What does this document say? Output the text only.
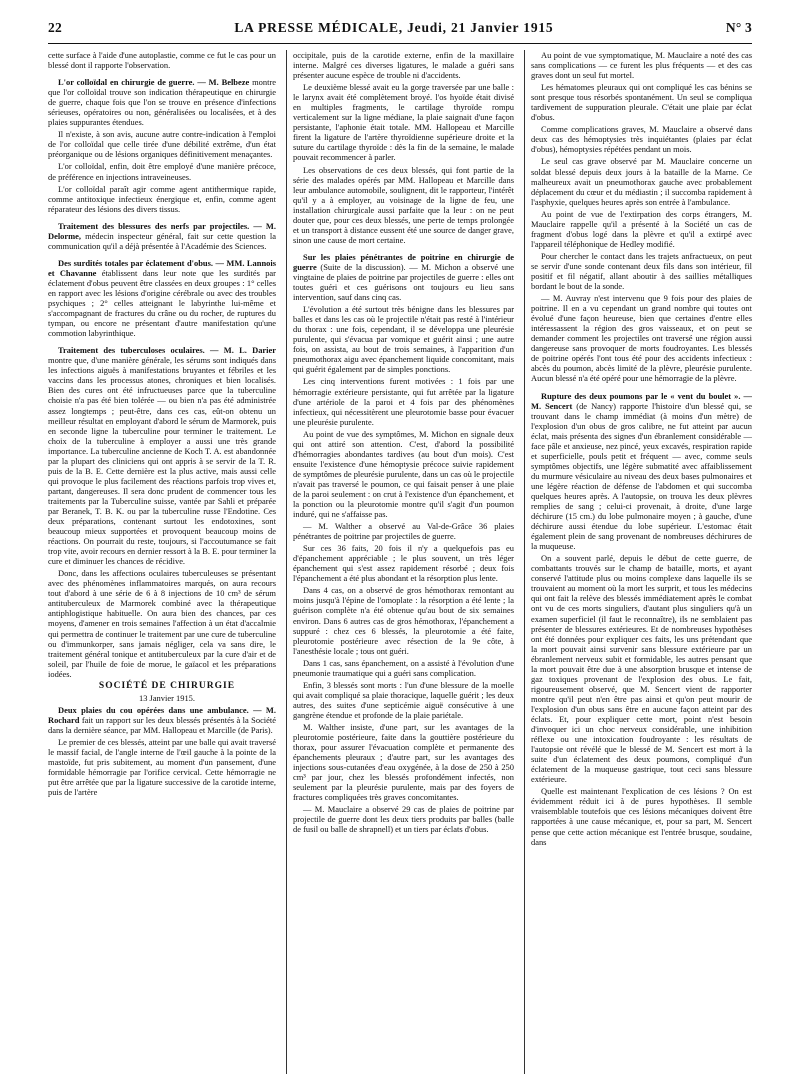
22	LA PRESSE MÉDICALE, Jeudi, 21 Janvier 1915	N° 3

cette surface à l'aide d'une autoplastie, comme ce fut le cas pour un blessé dont il rapporte l'observation.

L'or colloïdal en chirurgie de guerre. — M. Belbeze montre que l'or colloïdal trouve son indication thérapeutique en chirurgie de guerre, chaque fois que l'on se trouve en présence d'infections sérieuses, opératoires ou non, généralisées ou localisées, et à des plaies suppurantes étendues.

Il n'existe, à son avis, aucune autre contre-indication à l'emploi de l'or colloïdal que celle tirée d'une débilité extrême, d'un état préorganique ou de lésions organiques définitivement menaçantes.

L'or colloïdal, enfin, doit être employé d'une manière précoce, de préférence en injections intraveineuses.

L'or colloïdal paraît agir comme agent antithermique rapide, comme antitoxique infectieux énergique et, enfin, comme agent réparateur des lésions des divers tissus.

Traitement des blessures des nerfs par projectiles. — M. Delorme, médecin inspecteur général, fait sur cette question la communication qu'il a déjà présentée à l'Académie des Sciences.

Des surdités totales par éclatement d'obus. — MM. Lannois et Chavanne établissent dans leur note que les surdités par éclatement d'obus peuvent être classées en deux groupes : 1° celles en rapport avec les lésions d'origine cérébrale ou avec des troubles psychiques ; 2° celles atteignant le labyrinthe lui-même et s'accompagnant de fractures du crâne ou du rocher, de ruptures du tympan, ou encore ne présentant d'autre manifestation qu'une commotion labyrinthique.

Traitement des tuberculoses oculaires. — M. L. Darier montre que, d'une manière générale, les sérums sont indiqués dans les infections aiguës à manifestations bruyantes et fébriles et les vaccins dans les processus atones, chroniques et bien localisés. Bien des cures ont été infructueuses parce que la tuberculine choisie n'a pas été bien tolérée — ou bien n'a pas été administrée assez longtemps ; peut-être, dans ces cas, eût-on obtenu un meilleur résultat en employant d'abord le sérum de Marmorek, puis en seconde ligne la tuberculine pour terminer le traitement. Le choix de la tuberculine à employer a aussi une très grande importance. La tuberculine ancienne de Koch T. A. est abandonnée par la plupart des cliniciens qui ont appris à se servir de la T. R. puis de la B. E. Cette dernière est la plus active, mais aussi celle qui provoque le plus facilement des réactions parfois trop vives et, partant, dangereuses. Il sera donc prudent de commencer tous les traitements par la Tuberculine suisse, vantée par Sahli et préparée par Beranek, T. B. K. ou par la tuberculine russe l'Endotine. Ces deux préparations, contenant surtout les endotoxines, sont beaucoup mieux supportées et provoquent beaucoup moins de réactions. On pourrait du reste, toujours, si l'accoutumance se fait trop vite, avoir recours en dernier ressort à la B. E. pour terminer la cure et diminuer les chances de récidive.

Donc, dans les affections oculaires tuberculeuses se présentant avec des phénomènes inflammatoires marqués, on aura recours tout d'abord à une série de 6 à 8 injections de 10 cm³ de sérum antituberculeux de Marmorek combiné avec la thérapeutique antiphlogistique habituelle. On aura bien des chances, par ces moyens, d'amener en trois semaines l'affection à un état d'accalmie qui permettra de continuer le traitement par une cure de tuberculine ou d'immunkorper, sans jamais négliger, cela va sans dire, le traitement général tonique et antituberculeux par la cure d'air et de soleil, par l'huile de foie de morue, le gaïacol et les préparations iodées.

SOCIÉTÉ DE CHIRURGIE

13 Janvier 1915.

Deux plaies du cou opérées dans une ambulance. — M. Rochard fait un rapport sur les deux blessés présentés à la Société dans la dernière séance, par MM. Hallopeau et Marcille (de Paris).

Le premier de ces blessés, atteint par une balle qui avait traversé le massif facial, de l'angle interne de l'œil gauche à la pointe de la mastoïde, fut pris subitement, au moment d'un pansement, d'une formidable hémorragie par l'orifice cervical. Cette hémorragie ne put être arrêtée que par la ligature successive de la carotide interne, puis de l'artère

occipitale, puis de la carotide externe, enfin de la maxillaire interne. Malgré ces diverses ligatures, le malade a guéri sans présenter aucune espèce de trouble ni d'accidents.

Le deuxième blessé avait eu la gorge traversée par une balle : le larynx avait été complètement broyé. l'os hyoïde était divisé en multiples fragments, le cartilage thyroïde rompu verticalement sur la ligne médiane, la plaie saignait d'une façon persistante, l'aphonie était totale. MM. Hallopeau et Marcille firent la ligature de l'artère thyroïdienne supérieure droite et la suture du cartilage thyroïde : dès la fin de la semaine, le malade pouvait recommencer à parler.

Les observations de ces deux blessés, qui font partie de la série des malades opérés par MM. Hallopeau et Marcille dans leur ambulance automobile, soulignent, dit le rapporteur, l'intérêt qu'il y a à employer, au voisinage de la ligne de feu, une installation chirurgicale aussi parfaite que la leur : on ne peut douter que, pour ces deux blessés, une perte de temps prolongée et un transport à distance eussent été une source de danger grave, sinon une cause de mort certaine.

Sur les plaies pénétrantes de poitrine en chirurgie de guerre (Suite de la discussion). — M. Michon a observé une vingtaine de plaies de poitrine par projectiles de guerre : elles ont toutes guéri et ces guérisons ont toujours eu lieu sans intervention, sauf dans cinq cas.

L'évolution a été surtout très bénigne dans les blessures par balles et dans les cas où le projectile n'était pas resté à l'intérieur du thorax : une fois, cependant, il se développa une pleurésie purulente, qui s'évacua par vomique et guérit ainsi ; une autre fois, on assista, au bout de trois semaines, à l'apparition d'un pneumothorax aigu avec épanchement liquide concomitant, mais qui guérit également par de simples ponctions.

Les cinq interventions furent motivées : 1 fois par une hémorragie extérieure persistante, qui fut arrêtée par la ligature d'une artériole de la paroi et 4 fois par des phénomènes infectieux, qui nécessitèrent une pleurotomie basse pour évacuer une pleurésie purulente.

Au point de vue des symptômes, M. Michon en signale deux qui ont attiré son attention. C'est, d'abord la possibilité d'hémorragies abondantes tardives (au bout d'un mois). C'est ensuite l'existence d'une hémoptysie précoce suivie rapidement de symptômes de pleurésie purulente, dans un cas où le projectile n'avait pas traversé le poumon, ce qui faisait penser à une plaie de la paroi seulement : on crut à l'existence d'un épanchement, et la ponction ou la pleurotomie montre qu'il s'agit d'un poumon induré, qui ne s'affaisse pas.

— M. Walther a observé au Val-de-Grâce 36 plaies pénétrantes de poitrine par projectiles de guerre.

Sur ces 36 faits, 20 fois il n'y a quelquefois pas eu d'épanchement appréciable ; le plus souvent, un très léger épanchement qui s'est assez rapidement résorbé ; deux fois l'épanchement a été plus abondant et la résorption plus lente.

Dans 4 cas, on a observé de gros hémothorax remontant au moins jusqu'à l'épine de l'omoplate : la résorption a été lente ; la guérison complète n'a été obtenue qu'au bout de six semaines environ. Dans 6 autres cas de gros hémothorax, l'épanchement a suppuré : chez ces 6 blessés, la pleurotomie a été faite, pleurotomie postérieure avec résection de la 9e côte, à l'anesthésie locale ; tous ont guéri.

Dans 1 cas, sans épanchement, on a assisté à l'évolution d'une pneumonie traumatique qui a guéri sans complication.

Enfin, 3 blessés sont morts : l'un d'une blessure de la moelle qui avait compliqué sa plaie thoracique, laquelle guérit ; les deux autres, des suites d'une septicémie aiguë consécutive à une gangrène étendue et profonde de la plaie pariétale.

M. Walther insiste, d'une part, sur les avantages de la pleurotomie postérieure, faite dans la gouttière postérieure du thorax, pour assurer l'évacuation complète et permanente des épanchements pleuraux ; d'autre part, sur les avantages des injections sous-cutanées d'eau oxygénée, à la dose de 250 à 250 cm³ par jour, chez les blessés profondément infectés, non seulement par la pleurésie purulente, mais par des foyers de fractures compliquées très graves concomitantes.

— M. Mauclaire a observé 29 cas de plaies de poitrine par projectile de guerre dont les deux tiers produits par balles (balle de fusil ou balle de shrapnell) et un tiers par éclats d'obus.

Au point de vue symptomatique, M. Mauclaire a noté des cas sans complications — ce furent les plus fréquents — et des cas graves dont un seul fut mortel.

Les hématomes pleuraux qui ont compliqué les cas bénins se sont presque tous résorbés spontanément. Un seul se compliqua tardivement de suppuration pleurale. C'était une plaie par éclat d'obus.

Comme complications graves, M. Mauclaire a observé dans deux cas des hémoptysies très inquiétantes (plaies par éclat d'obus), hémoptysies répétées pendant un mois.

Le seul cas grave observé par M. Mauclaire concerne un soldat blessé depuis deux jours à la bataille de la Marne. Ce malheureux avait un pneumothorax gauche avec probablement déplacement du cœur et du médiastin ; il succomba rapidement à l'asphyxie, quelques heures après son entrée à l'ambulance.

Au point de vue de l'extirpation des corps étrangers, M. Mauclaire rappelle qu'il a présenté à la Société un cas de fragment d'obus logé dans la plèvre et qu'il a extirpé avec l'appareil téléphonique de Hedley modifié.

Pour chercher le contact dans les trajets anfractueux, on peut se servir d'une sonde contenant deux fils dans son intérieur, fil positif et fil négatif, allant aboutir à des saillies métalliques bordant le bout de la sonde.

— M. Auvray n'est intervenu que 9 fois pour des plaies de poitrine. Il en a vu cependant un grand nombre qui toutes ont évolué d'une façon heureuse, bien que certaines d'entre elles intéressassent la région des gros vaisseaux, et on peut se demander comment les projectiles ont traversé une région aussi dangereuse sans provoquer de morts foudroyantes. Les blessés de poitrine opérés l'ont tous été pour des accidents infectieux : abcès du poumon, abcès limité de la plèvre, pleurésie purulente. Aucun blessé n'a été opéré pour une hémorragie de la plèvre.

Rupture des deux poumons par le « vent du boulet ». — M. Sencert (de Nancy) rapporte l'histoire d'un blessé qui, se trouvant dans le champ immédiat (à moins d'un mètre) de l'explosion d'un obus de gros calibre, ne fut atteint par aucun éclat, mais présenta des signes d'un ébranlement considérable — face pâle et anxieuse, nez pincé, yeux excavés, respiration rapide et superficielle, pouls petit et fréquent — avec, comme seuls symptômes objectifs, une légère submatité avec affaiblissement du murmure vésiculaire au niveau des deux bases pulmonaires et une légère réaction de défense de l'abdomen et qui succomba quelques heures après. A l'autopsie, on trouva les deux plèvres remplies de sang ; celui-ci provenait, à droite, d'une large déchirure (15 cm.) du lobe pulmonaire moyen ; à gauche, d'une déchirure aussi étendue du lobe supérieur. L'estomac était également plein de sang provenant de nombreuses déchirures de la muqueuse.

On a souvent parlé, depuis le début de cette guerre, de combattants trouvés sur le champ de bataille, morts, et ayant conservé l'attitude plus ou moins complexe dans laquelle ils se trouvaient au moment où la mort les surprit, et tous les médecins qui ont fait la relève des blessés immédiatement après le combat ont vu de ces morts singuliers, d'autant plus singuliers qu'à un examen superficiel (il faut le reconnaître), ils ne semblaient pas présenter de blessures extérieures. Et de nombreuses hypothèses ont été données pour expliquer ces faits, les uns prétendant que la mort pouvait ainsi survenir sans blessure extérieure par un ébranlement nerveux subit et formidable, les autres pensant que la mort pouvait être due à une absorption brusque et intense de gaz toxiques provenant de l'explosion des obus. Le fait, rigoureusement observé, que M. Sencert vient de rapporter montre qu'il peut n'en être pas ainsi et qu'on peut mourir de l'explosion d'un obus sans être en aucune façon atteint par des éclats. Et, pour expliquer cette mort, point n'est besoin d'invoquer ici un choc nerveux considérable, une inhibition réflexe ou une intoxication foudroyante : les résultats de l'autopsie ont révélé que le blessé de M. Sencert est mort à la suite d'un éclatement des deux poumons, compliqué d'un éclatement de la muqueuse gastrique, tout ceci sans blessure extérieure.

Quelle est maintenant l'explication de ces lésions ? On est évidemment réduit ici à de pures hypothèses. Il semble vraisemblable toutefois que ces lésions mécaniques doivent être rapportées à une cause mécanique, et, pour sa part, M. Sencert pense que cette action mécanique est l'entrée brusque, soudaine, dans
